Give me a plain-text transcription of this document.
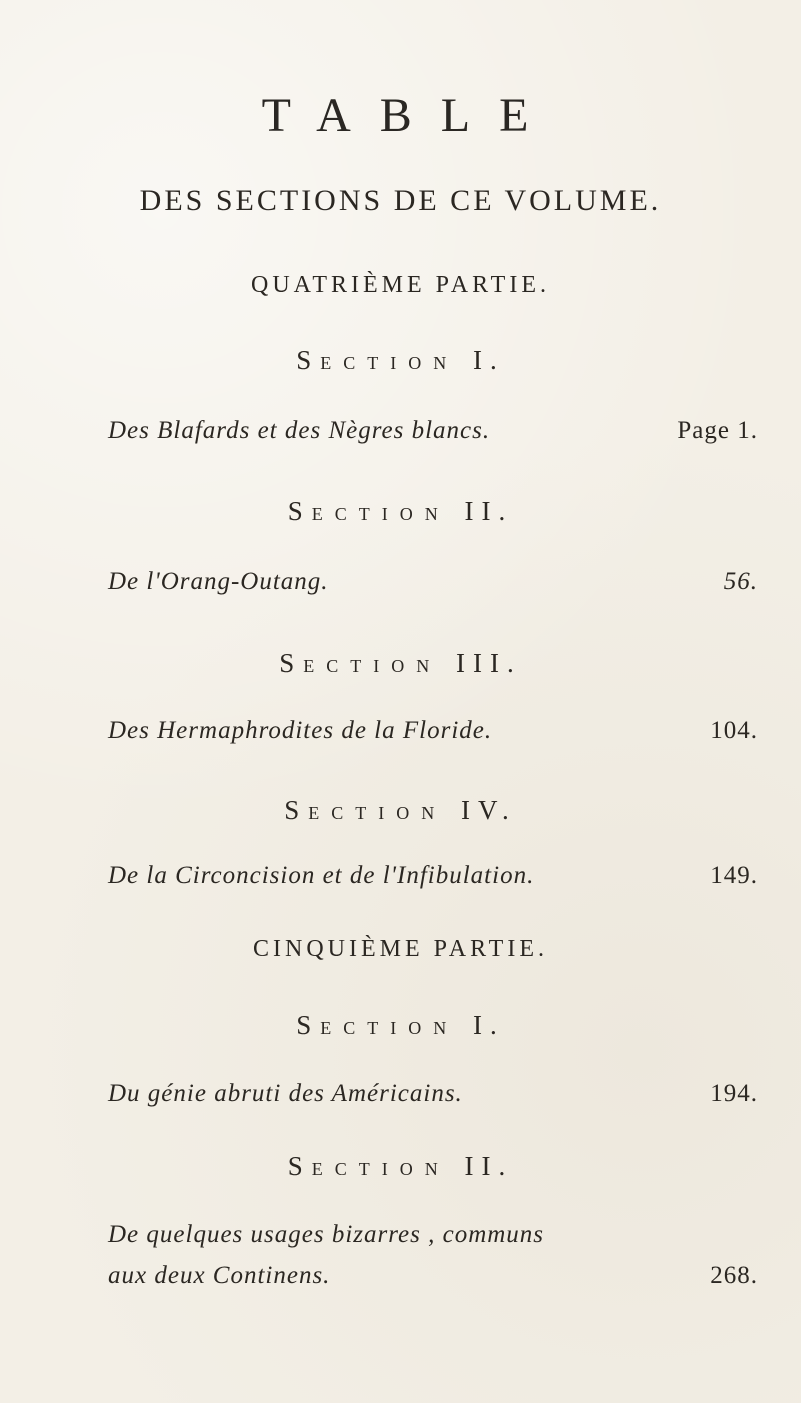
TABLE
DES SECTIONS DE CE VOLUME.
QUATRIÈME PARTIE.
SECTION I.
Des Blafards et des Nègres blancs.	Page 1.
SECTION II.
De l'Orang-Outang.	56.
SECTION III.
Des Hermaphrodites de la Floride.	104.
SECTION IV.
De la Circoncision et de l'Infibulation.	149.
CINQUIÈME PARTIE.
SECTION I.
Du génie abruti des Américains.	194.
SECTION II.
De quelques usages bizarres , communs
aux deux Continens.	268.
